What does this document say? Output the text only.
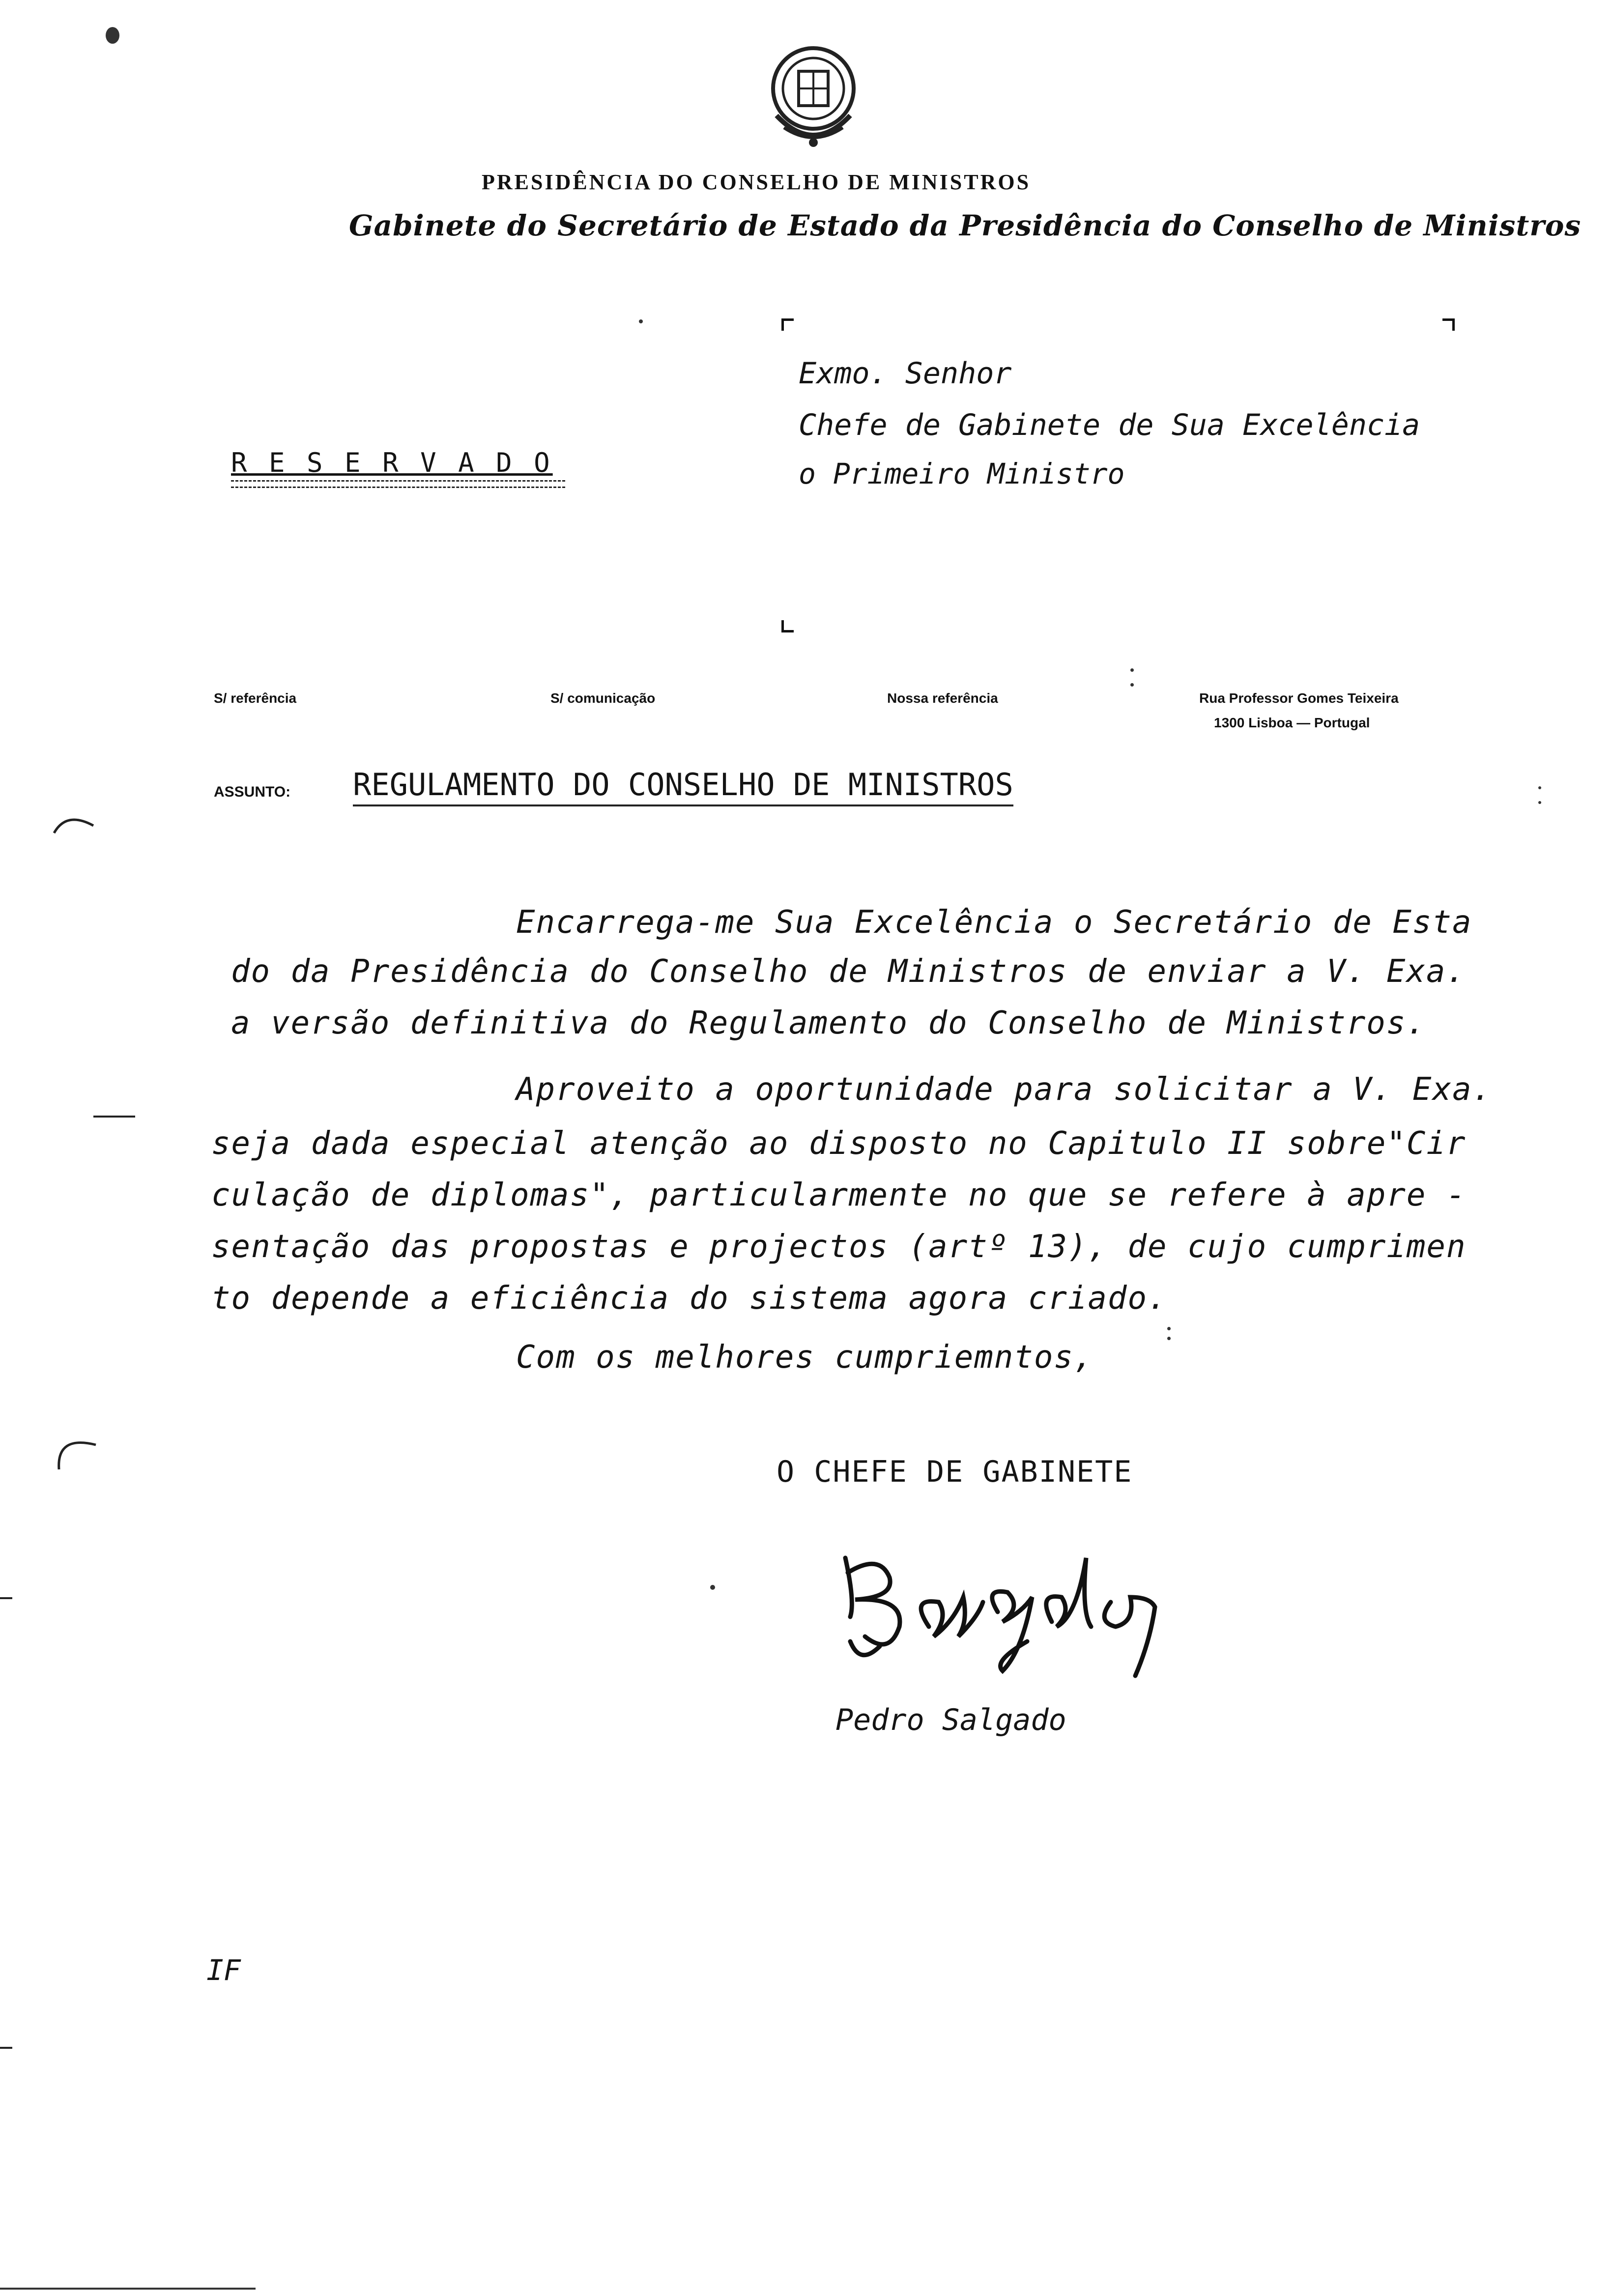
PRESIDÊNCIA DO CONSELHO DE MINISTROS
Gabinete do Secretário de Estado da Presidência do Conselho de Ministros
Exmo. Senhor
Chefe de Gabinete de Sua Excelência
o Primeiro Ministro
R E S E R V A D O
S/ referência	S/ comunicação	Nossa referência	Rua Professor Gomes Teixeira
1300 Lisboa — Portugal
ASSUNTO: REGULAMENTO DO CONSELHO DE MINISTROS
Encarrega-me Sua Excelência o Secretário de Esta
do da Presidência do Conselho de Ministros de enviar a V. Exa.
a versão definitiva do Regulamento do Conselho de Ministros.
Aproveito a oportunidade para solicitar a V. Exa.
seja dada especial atenção ao disposto no Capitulo II sobre"Cir
culação de diplomas", particularmente no que se refere à apre -
sentação das propostas e projectos (artº 13), de cujo cumprimen
to depende a eficiência do sistema agora criado.
Com os melhores cumpriemntos,
O CHEFE DE GABINETE
Pedro Salgado
IF
